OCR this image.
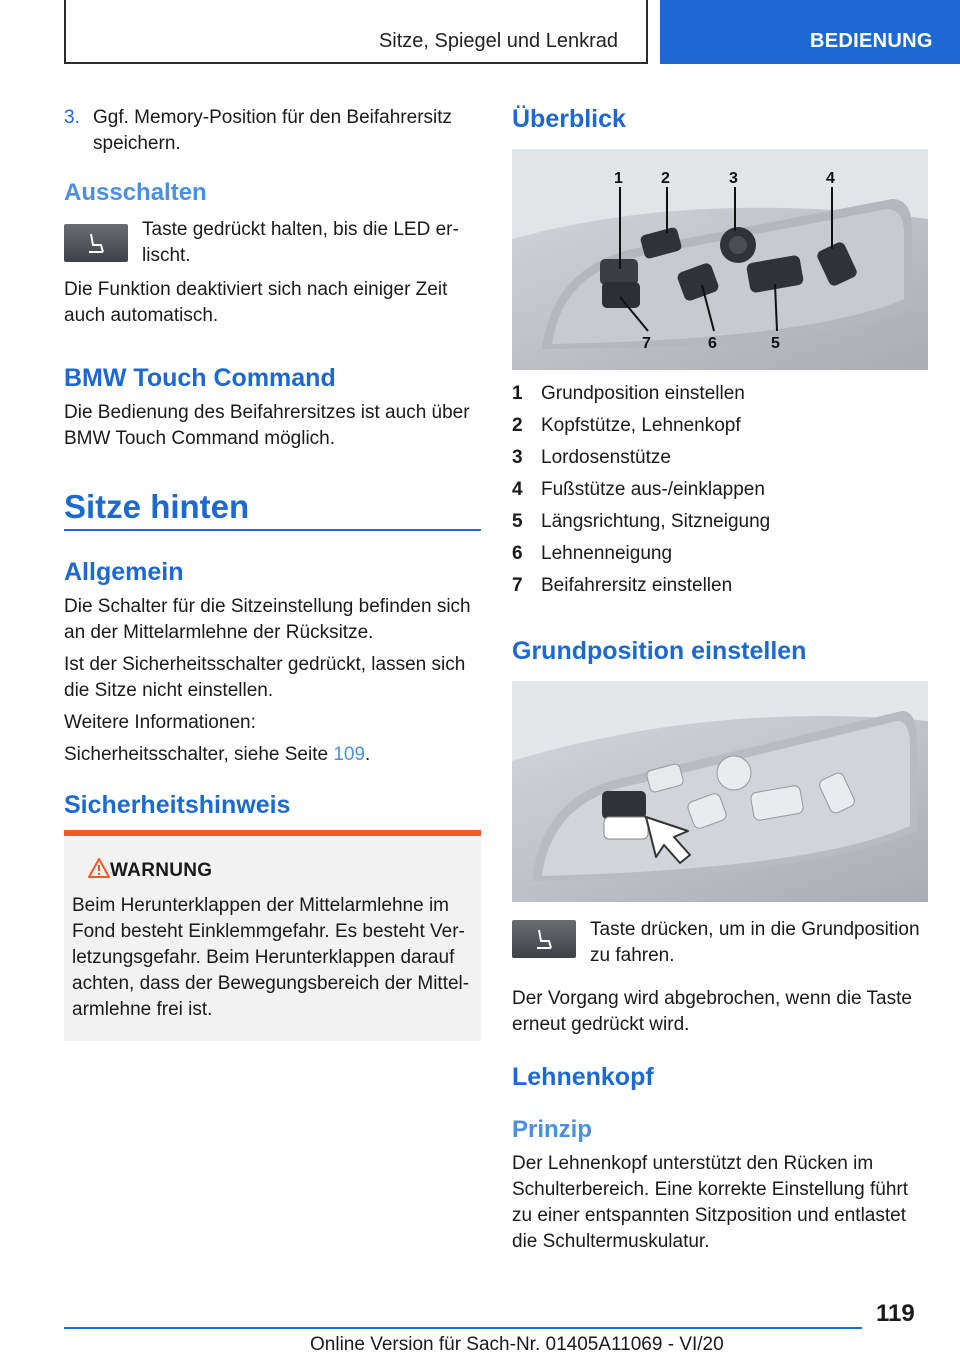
Sitze, Spiegel und Lenkrad	BEDIENUNG
3. Ggf. Memory-Position für den Beifahrersitz

speichern.

Ausschalten

Taste gedrückt halten, bis die LED er-

lischt.

Die Funktion deaktiviert sich nach einiger Zeit

auch automatisch.

BMW Touch Command

Die Bedienung des Beifahrersitzes ist auch über

BMW Touch Command möglich.

Sitze hinten
Allgemein

Die Schalter für die Sitzeinstellung befinden sich

an der Mittelarmlehne der Rücksitze.

Ist der Sicherheitsschalter gedrückt, lassen sich

die Sitze nicht einstellen.

Weitere Informationen:

Sicherheitsschalter, siehe Seite 109.

Sicherheitshinweis
WARNUNG

Beim Herunterklappen der Mittelarmlehne im

Fond besteht Einklemmgefahr. Es besteht Ver-

letzungsgefahr. Beim Herunterklappen darauf

achten, dass der Bewegungsbereich der Mittel-

armlehne frei ist.

Überblick
1 2	3	4
7	6	5
1 Grundposition einstellen
2 Kopfstütze, Lehnenkopf
3 Lordosenstütze
4 Fußstütze aus-/einklappen
5 Längsrichtung, Sitzneigung
6 Lehnenneigung
7 Beifahrersitz einstellen
Grundposition einstellen

Taste drücken, um in die Grundposition

zu fahren.

Der Vorgang wird abgebrochen, wenn die Taste

erneut gedrückt wird.

Lehnenkopf
Prinzip

Der Lehnenkopf unterstützt den Rücken im

Schulterbereich. Eine korrekte Einstellung führt

zu einer entspannten Sitzposition und entlastet

die Schultermuskulatur.

119
Online Version für Sach-Nr. 01405A11069 - VI/20
